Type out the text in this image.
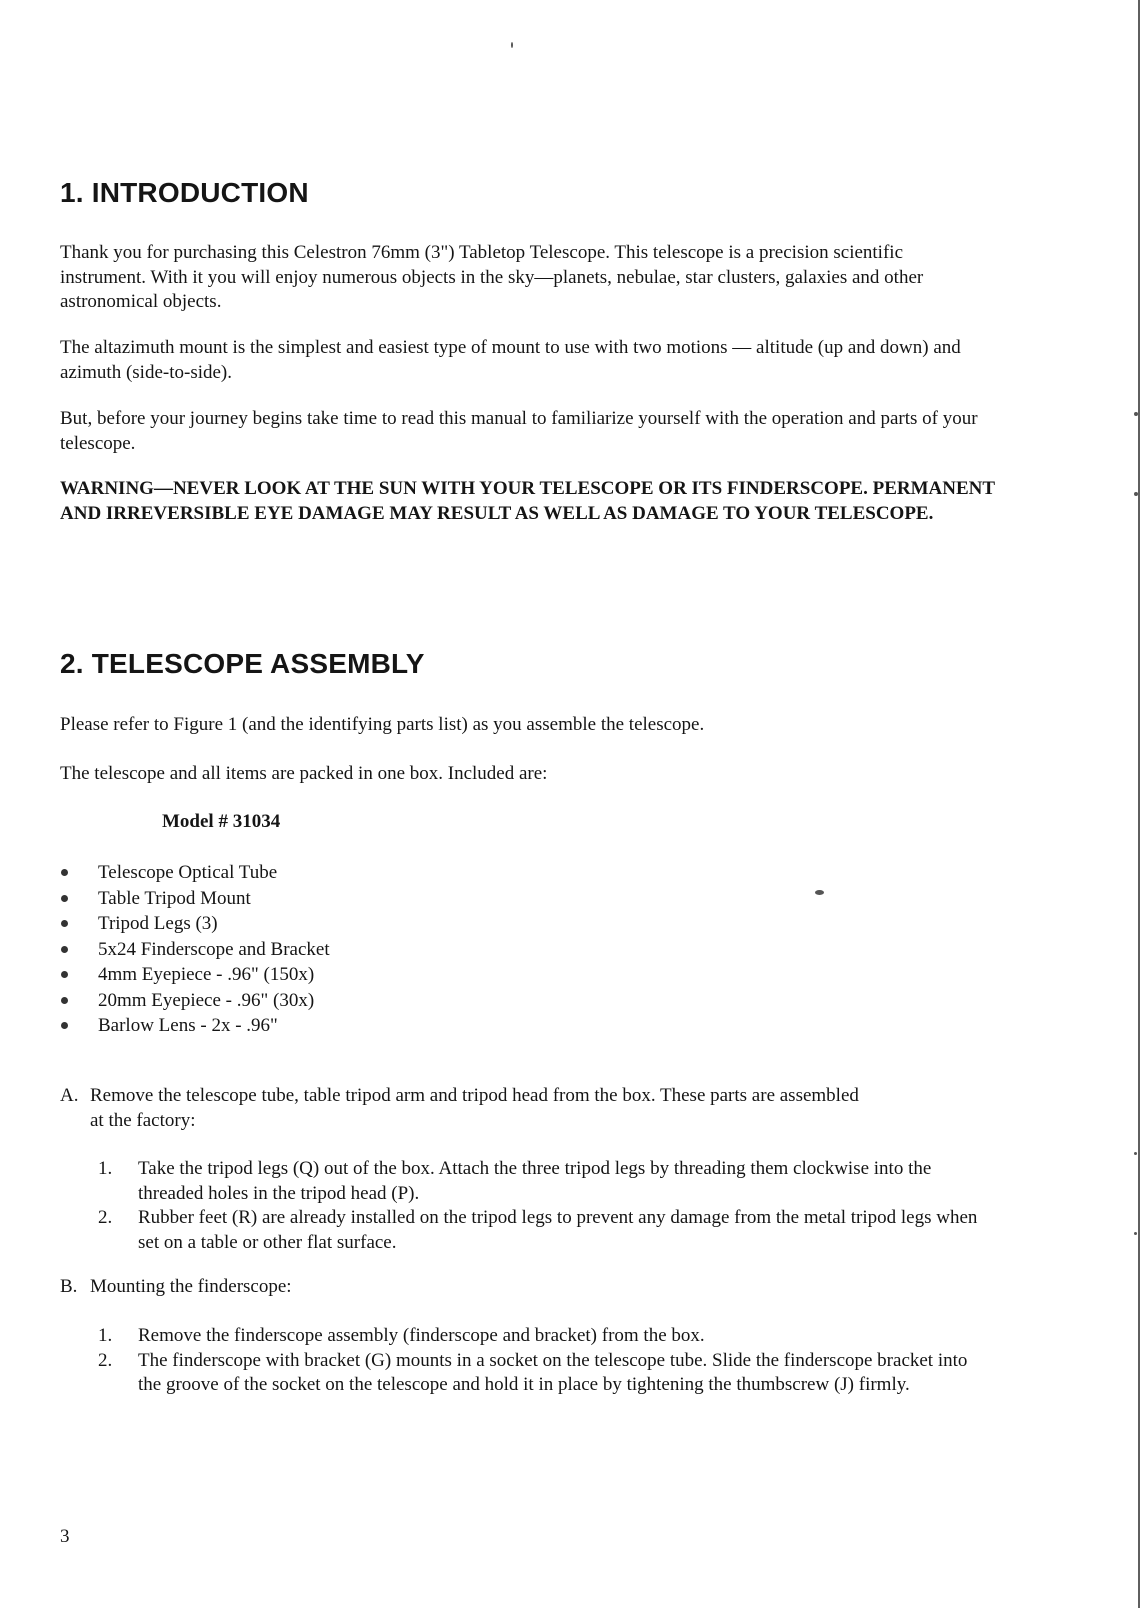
1. INTRODUCTION

Thank you for purchasing this Celestron 76mm (3") Tabletop Telescope. This telescope is a precision scientific instrument. With it you will enjoy numerous objects in the sky—planets, nebulae, star clusters, galaxies and other astronomical objects.

The altazimuth mount is the simplest and easiest type of mount to use with two motions — altitude (up and down) and azimuth (side-to-side).

But, before your journey begins take time to read this manual to familiarize yourself with the operation and parts of your telescope.

WARNING—NEVER LOOK AT THE SUN WITH YOUR TELESCOPE OR ITS FINDERSCOPE. PERMANENT AND IRREVERSIBLE EYE DAMAGE MAY RESULT AS WELL AS DAMAGE TO YOUR TELESCOPE.

2. TELESCOPE ASSEMBLY

Please refer to Figure 1 (and the identifying parts list) as you assemble the telescope.

The telescope and all items are packed in one box. Included are:

Model # 31034

Telescope Optical Tube
Table Tripod Mount
Tripod Legs (3)
5x24 Finderscope and Bracket
4mm Eyepiece - .96" (150x)
20mm Eyepiece - .96" (30x)
Barlow Lens - 2x - .96"

A. Remove the telescope tube, table tripod arm and tripod head from the box. These parts are assembled
at the factory:

1. Take the tripod legs (Q) out of the box. Attach the three tripod legs by threading them clockwise into the threaded holes in the tripod head (P).
2. Rubber feet (R) are already installed on the tripod legs to prevent any damage from the metal tripod legs when set on a table or other flat surface.

B. Mounting the finderscope:

1. Remove the finderscope assembly (finderscope and bracket) from the box.
2. The finderscope with bracket (G) mounts in a socket on the telescope tube. Slide the finderscope bracket into the groove of the socket on the telescope and hold it in place by tightening the thumbscrew (J) firmly.

3
